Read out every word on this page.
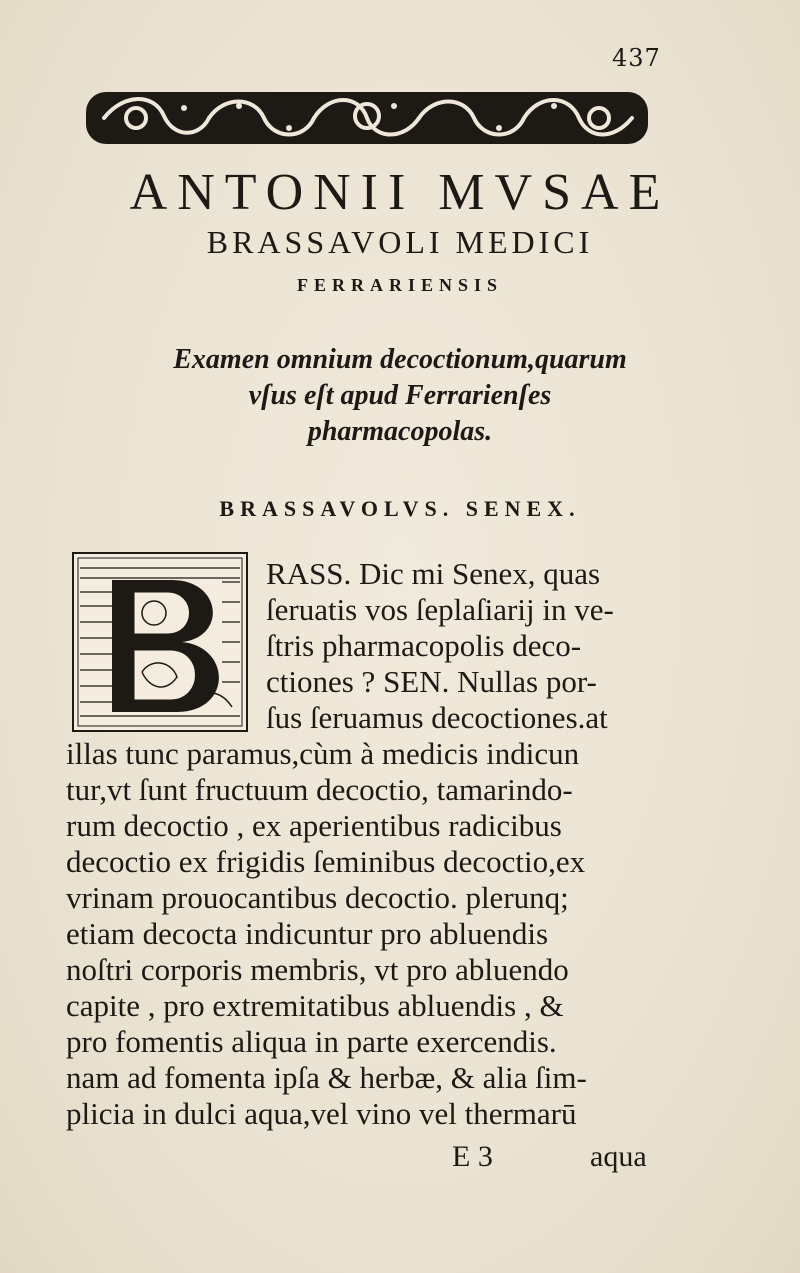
437
ANTONII MVSAE
BRASSAVOLI MEDICI
FERRARIENSIS
Examen omnium decoctionum,quarum
vſus eſt apud Ferrarienſes
pharmacopolas.
BRASSAVOLVS. SENEX.
RASS. Dic mi Senex, quas
ſeruatis vos ſeplaſiarij in ve-
ſtris pharmacopolis deco-
ctiones ? SEN. Nullas por-
ſus ſeruamus decoctiones.at
illas tunc paramus,cùm à medicis indicun
tur,vt ſunt fructuum decoctio, tamarindo-
rum decoctio , ex aperientibus radicibus
decoctio ex frigidis ſeminibus decoctio,ex
vrinam prouocantibus decoctio. plerunq;
etiam decocta indicuntur pro abluendis
noſtri corporis membris, vt pro abluendo
capite , pro extremitatibus abluendis , &
pro fomentis aliqua in parte exercendis.
nam ad fomenta ipſa & herbæ, & alia ſim-
plicia in dulci aqua,vel vino vel thermarū
E 3	aqua
